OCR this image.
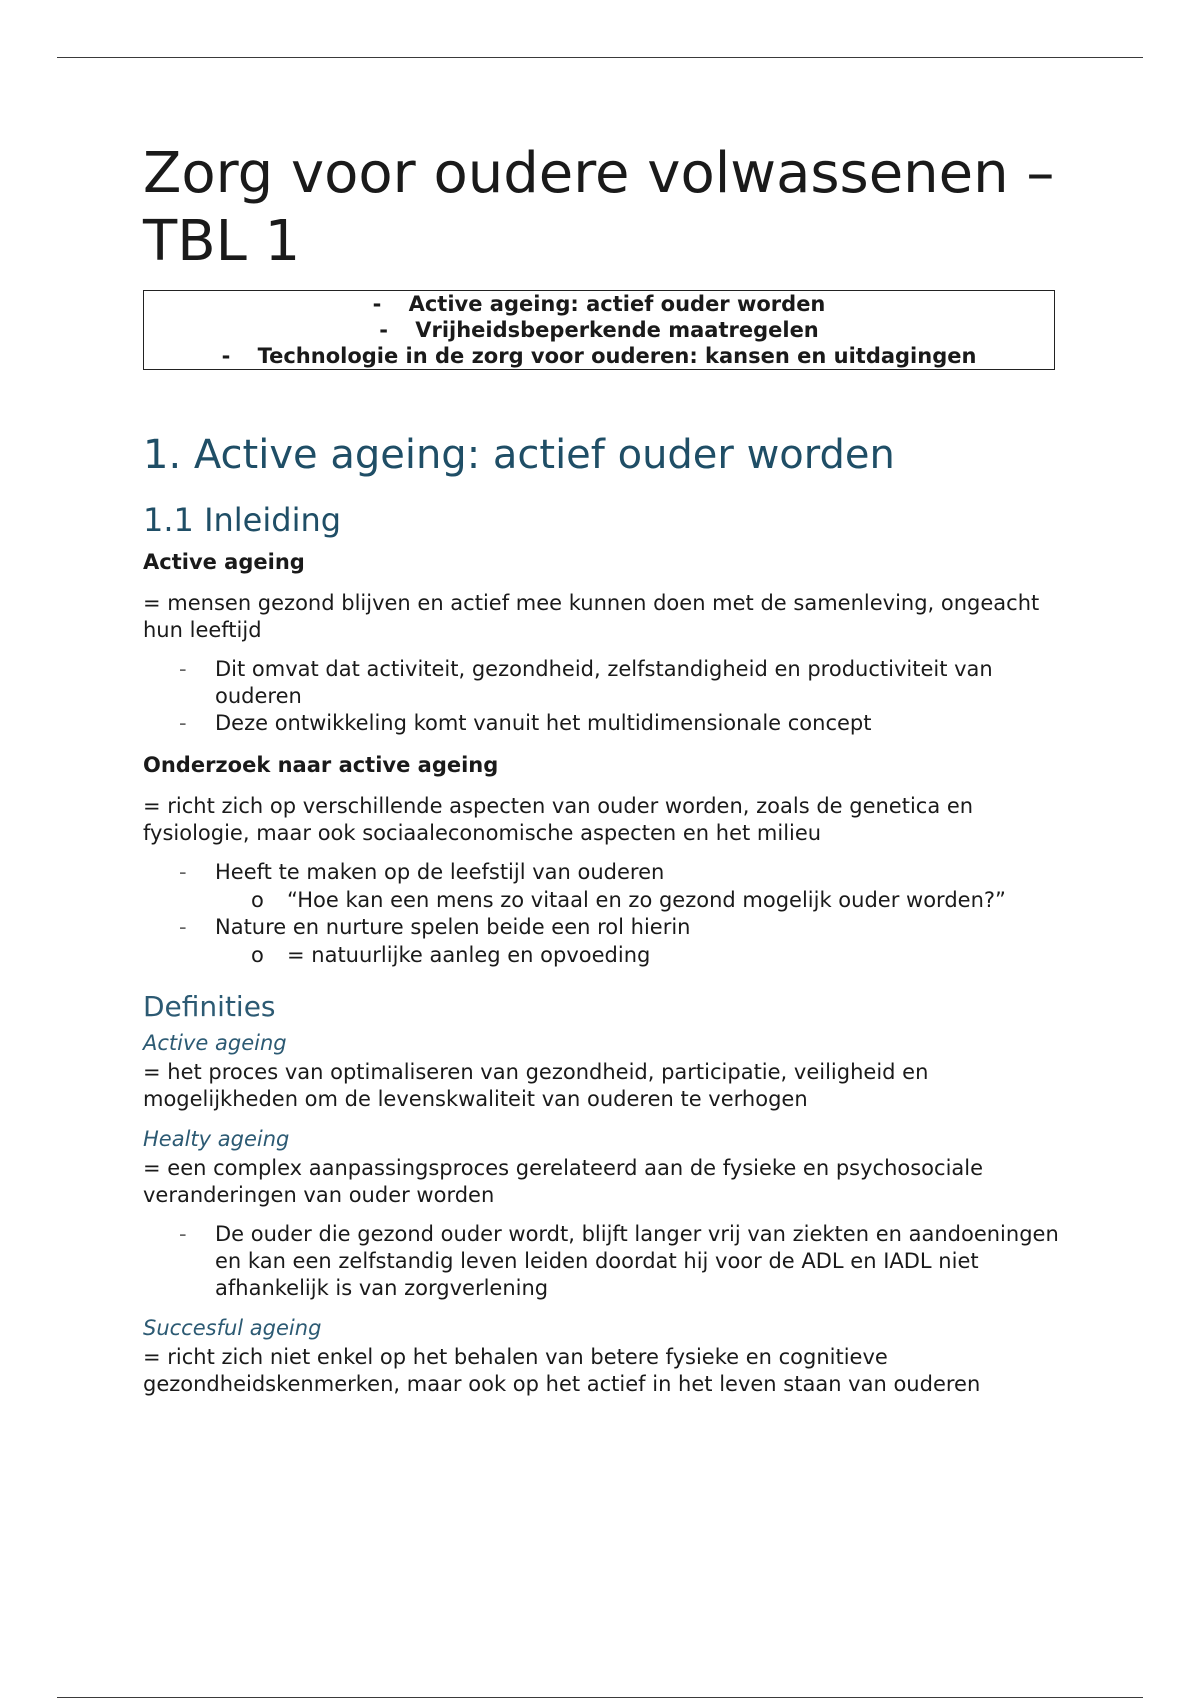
Zorg voor oudere volwassenen – TBL 1
- Active ageing: actief ouder worden
- Vrijheidsbeperkende maatregelen
- Technologie in de zorg voor ouderen: kansen en uitdagingen
1. Active ageing: actief ouder worden
1.1 Inleiding
Active ageing
= mensen gezond blijven en actief mee kunnen doen met de samenleving, ongeacht hun leeftijd
- Dit omvat dat activiteit, gezondheid, zelfstandigheid en productiviteit van ouderen
- Deze ontwikkeling komt vanuit het multidimensionale concept
Onderzoek naar active ageing
= richt zich op verschillende aspecten van ouder worden, zoals de genetica en fysiologie, maar ook sociaaleconomische aspecten en het milieu
- Heeft te maken op de leefstijl van ouderen
o “Hoe kan een mens zo vitaal en zo gezond mogelijk ouder worden?”
- Nature en nurture spelen beide een rol hierin
o = natuurlijke aanleg en opvoeding
Definities
Active ageing
= het proces van optimaliseren van gezondheid, participatie, veiligheid en mogelijkheden om de levenskwaliteit van ouderen te verhogen
Healty ageing
= een complex aanpassingsproces gerelateerd aan de fysieke en psychosociale veranderingen van ouder worden
- De ouder die gezond ouder wordt, blijft langer vrij van ziekten en aandoeningen en kan een zelfstandig leven leiden doordat hij voor de ADL en IADL niet afhankelijk is van zorgverlening
Succesful ageing
= richt zich niet enkel op het behalen van betere fysieke en cognitieve gezondheidskenmerken, maar ook op het actief in het leven staan van ouderen
